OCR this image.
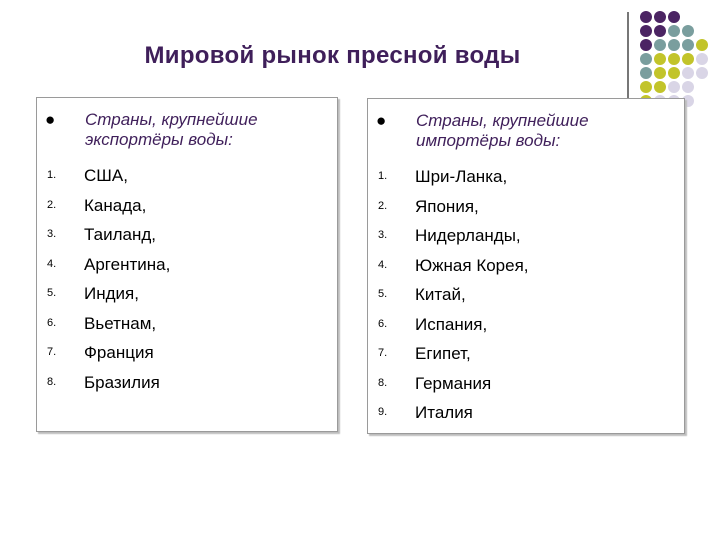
Мировой рынок пресной воды
● Страны, крупнейшие
экспортёры воды:
1.	США,
2.	Канада,
3.	Таиланд,
4.	Аргентина,
5.	Индия,
6.	Вьетнам,
7.	Франция
8.	Бразилия
● Страны, крупнейшие
импортёры воды:
1.	Шри-Ланка,
2.	Япония,
3.	Нидерланды,
4.	Южная Корея,
5.	Китай,
6.	Испания,
7.	Египет,
8.	Германия
9.	Италия
